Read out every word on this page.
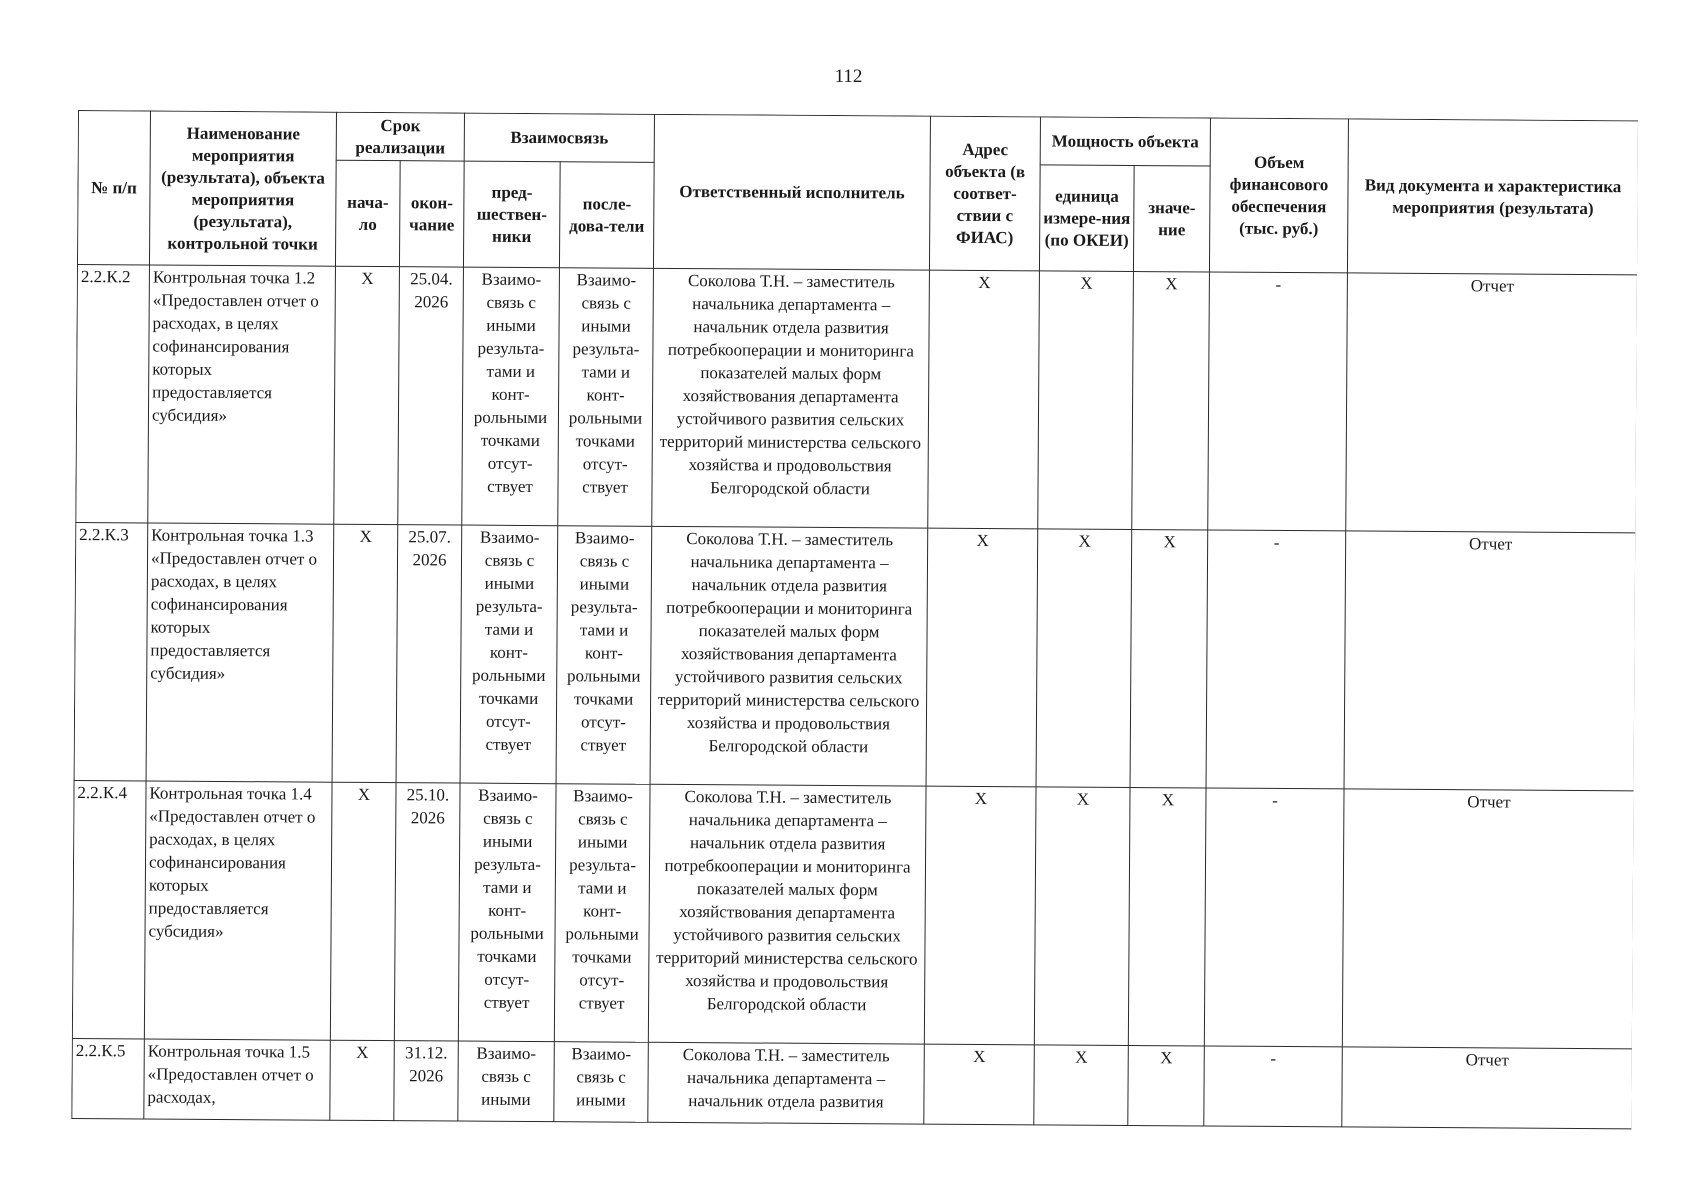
112
№ п/п	Наименование мероприятия (результата), объекта мероприятия (результата), контрольной точки	Срок реализации		Взаимосвязь		Ответственный исполнитель	Адрес объекта (в соответ-ствии с ФИАС)	Мощность объекта		Объем финансового обеспечения (тыс. руб.)	Вид документа и характеристика мероприятия (результата)
		нача-ло	окон-чание	пред-шествен-ники	после-дова-тели			единица измере-ния (по ОКЕИ)	значе-ние		
2.2.К.2	Контрольная точка 1.2 «Предоставлен отчет о расходах, в целях софинансирования которых предоставляется субсидия»	X	25.04. 2026	Взаимо-связь с иными результа-тами и конт-рольными точками отсут-ствует	Взаимо-связь с иными результа-тами и конт-рольными точками отсут-ствует	Соколова Т.Н. – заместитель начальника департамента – начальник отдела развития потребкооперации и мониторинга показателей малых форм хозяйствования департамента устойчивого развития сельских территорий министерства сельского хозяйства и продовольствия Белгородской области	X	X	X	-	Отчет
2.2.К.3	Контрольная точка 1.3 «Предоставлен отчет о расходах, в целях софинансирования которых предоставляется субсидия»	X	25.07. 2026	Взаимо-связь с иными результа-тами и конт-рольными точками отсут-ствует	Взаимо-связь с иными результа-тами и конт-рольными точками отсут-ствует	Соколова Т.Н. – заместитель начальника департамента – начальник отдела развития потребкооперации и мониторинга показателей малых форм хозяйствования департамента устойчивого развития сельских территорий министерства сельского хозяйства и продовольствия Белгородской области	X	X	X	-	Отчет
2.2.К.4	Контрольная точка 1.4 «Предоставлен отчет о расходах, в целях софинансирования которых предоставляется субсидия»	X	25.10. 2026	Взаимо-связь с иными результа-тами и конт-рольными точками отсут-ствует	Взаимо-связь с иными результа-тами и конт-рольными точками отсут-ствует	Соколова Т.Н. – заместитель начальника департамента – начальник отдела развития потребкооперации и мониторинга показателей малых форм хозяйствования департамента устойчивого развития сельских территорий министерства сельского хозяйства и продовольствия Белгородской области	X	X	X	-	Отчет
2.2.К.5	Контрольная точка 1.5 «Предоставлен отчет о расходах,	X	31.12. 2026	Взаимо-связь с иными	Взаимо-связь с иными	Соколова Т.Н. – заместитель начальника департамента – начальник отдела развития	X	X	X	-	Отчет
